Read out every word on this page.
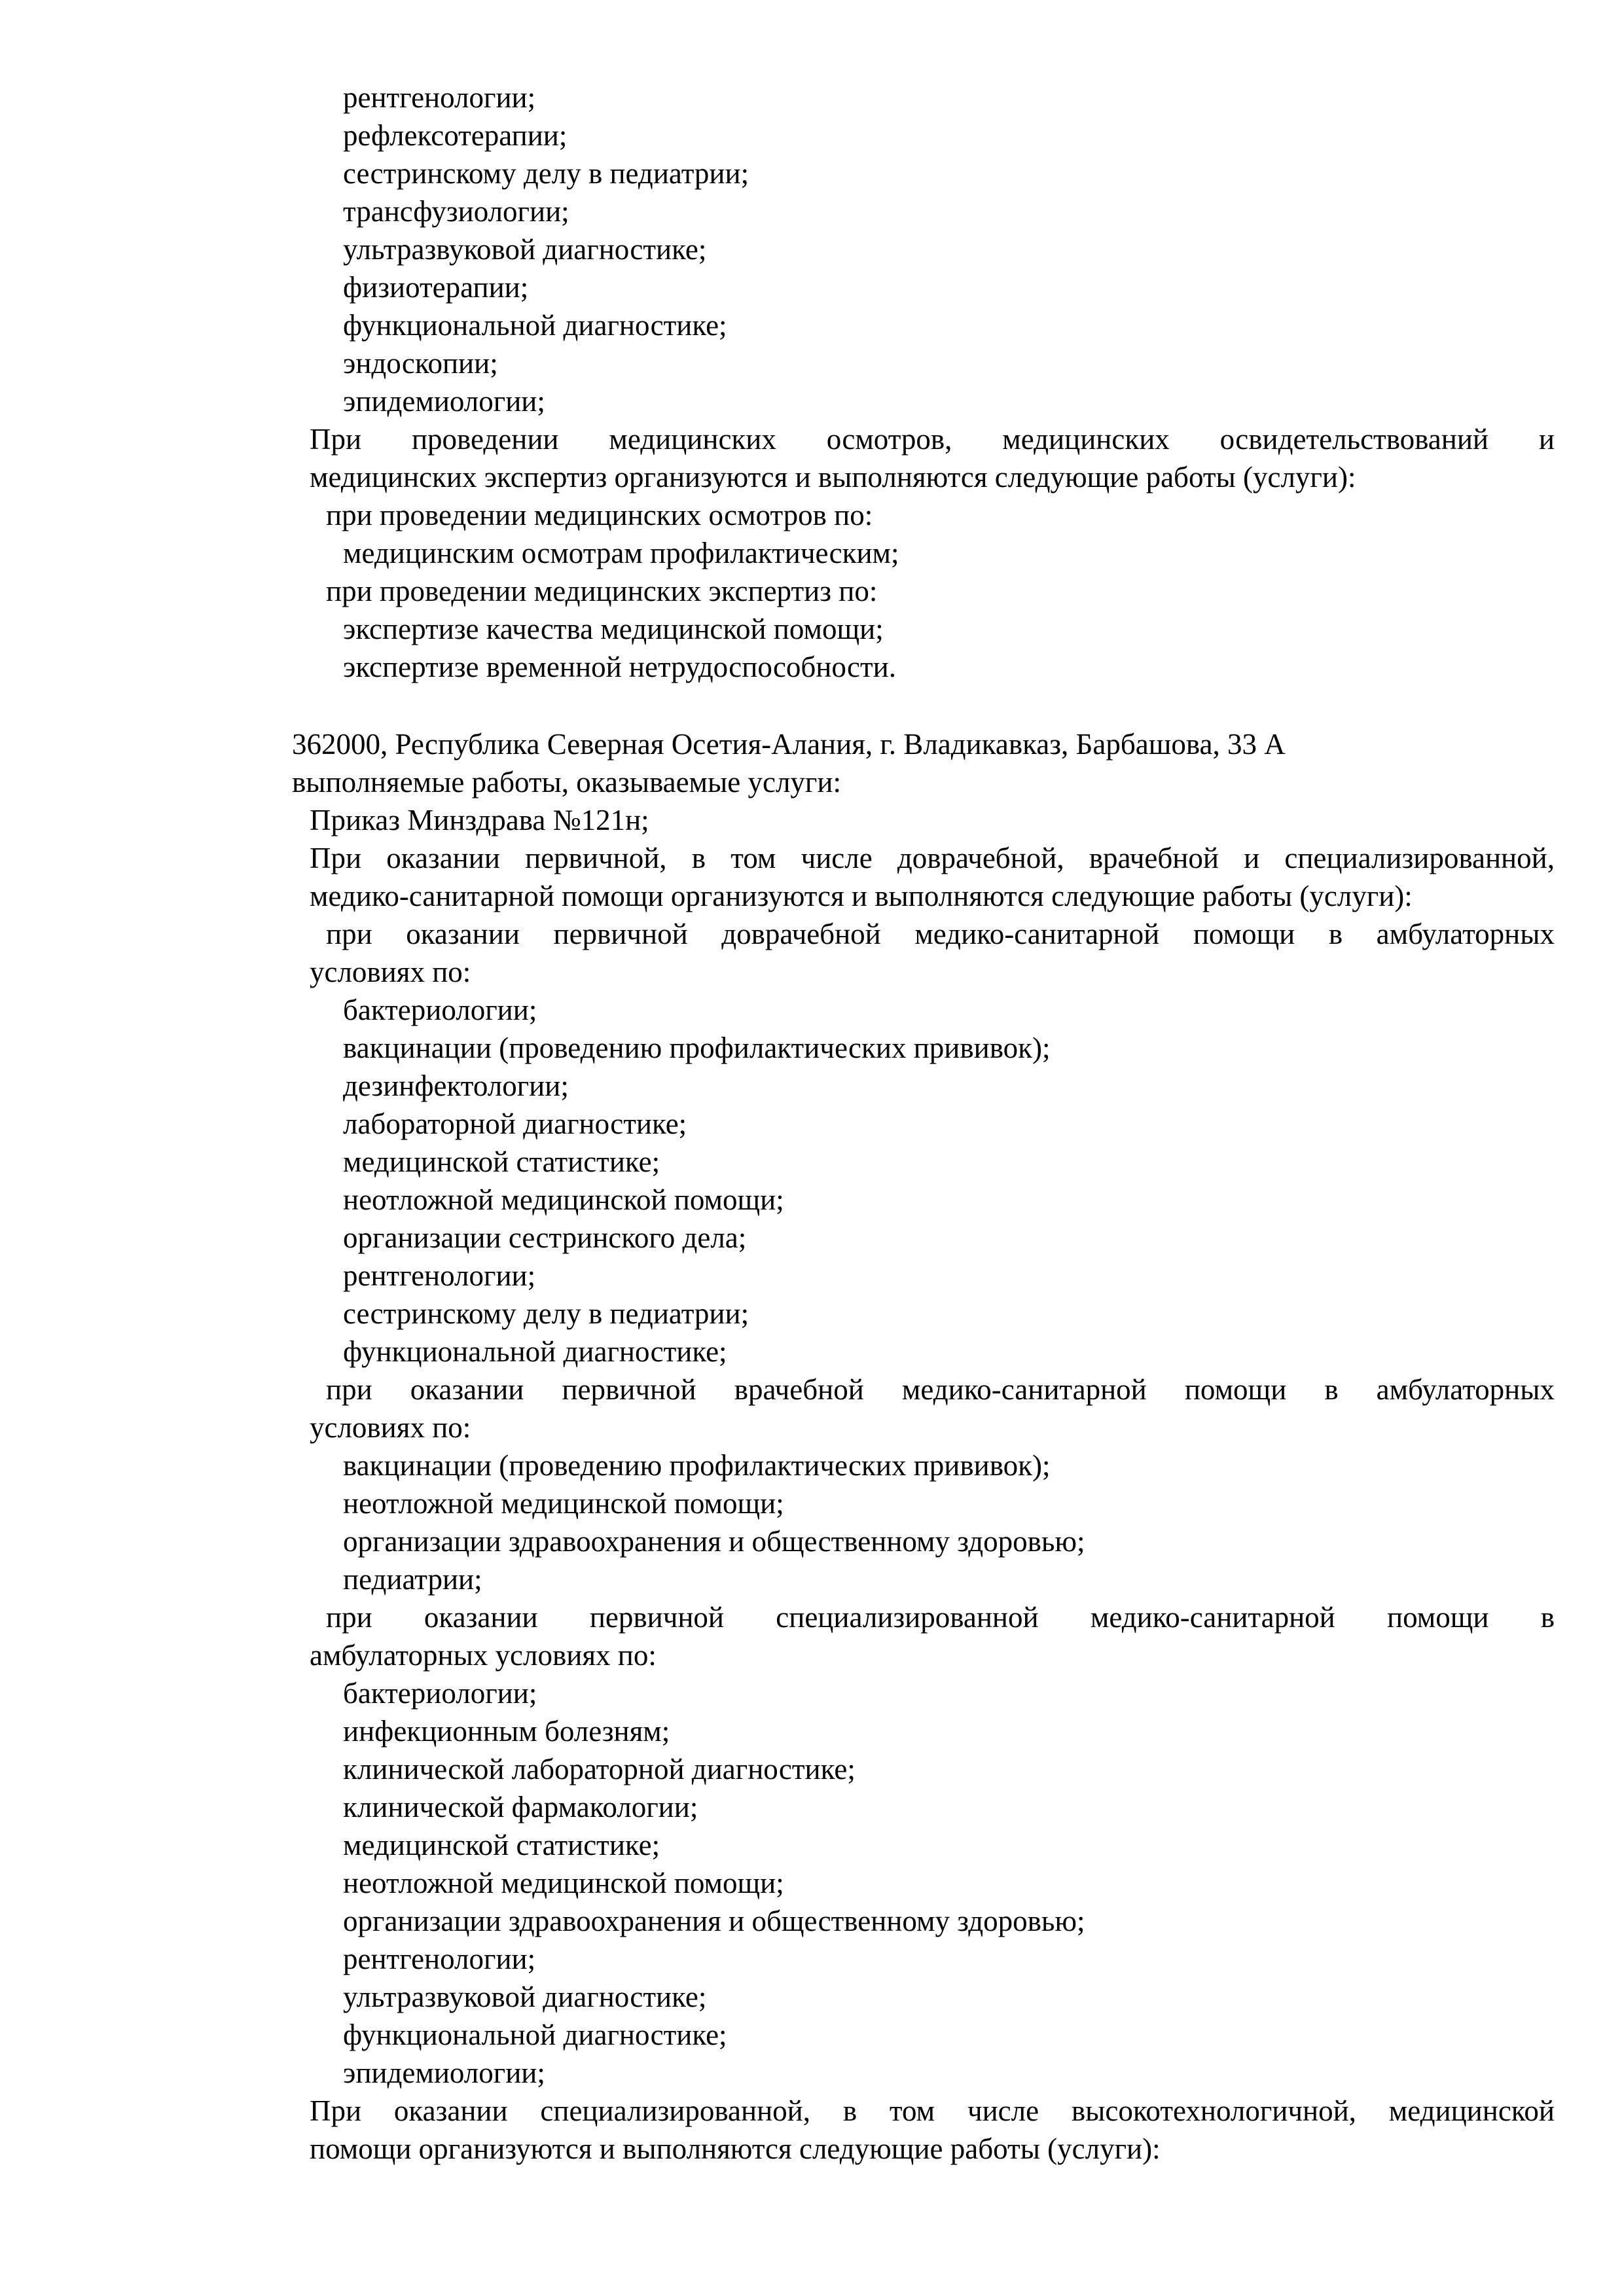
рентгенологии;
рефлексотерапии;
сестринскому делу в педиатрии;
трансфузиологии;
ультразвуковой диагностике;
физиотерапии;
функциональной диагностике;
эндоскопии;
эпидемиологии;
При проведении медицинских осмотров, медицинских освидетельствований и
медицинских экспертиз организуются и выполняются следующие работы (услуги):
при проведении медицинских осмотров по:
медицинским осмотрам профилактическим;
при проведении медицинских экспертиз по:
экспертизе качества медицинской помощи;
экспертизе временной нетрудоспособности.
362000, Республика Северная Осетия-Алания, г. Владикавказ, Барбашова, 33 А
выполняемые работы, оказываемые услуги:
Приказ Минздрава №121н;
При оказании первичной, в том числе доврачебной, врачебной и специализированной,
медико-санитарной помощи организуются и выполняются следующие работы (услуги):
при оказании первичной доврачебной медико-санитарной помощи в амбулаторных
условиях по:
бактериологии;
вакцинации (проведению профилактических прививок);
дезинфектологии;
лабораторной диагностике;
медицинской статистике;
неотложной медицинской помощи;
организации сестринского дела;
рентгенологии;
сестринскому делу в педиатрии;
функциональной диагностике;
при оказании первичной врачебной медико-санитарной помощи в амбулаторных
условиях по:
вакцинации (проведению профилактических прививок);
неотложной медицинской помощи;
организации здравоохранения и общественному здоровью;
педиатрии;
при оказании первичной специализированной медико-санитарной помощи в
амбулаторных условиях по:
бактериологии;
инфекционным болезням;
клинической лабораторной диагностике;
клинической фармакологии;
медицинской статистике;
неотложной медицинской помощи;
организации здравоохранения и общественному здоровью;
рентгенологии;
ультразвуковой диагностике;
функциональной диагностике;
эпидемиологии;
При оказании специализированной, в том числе высокотехнологичной, медицинской
помощи организуются и выполняются следующие работы (услуги):
